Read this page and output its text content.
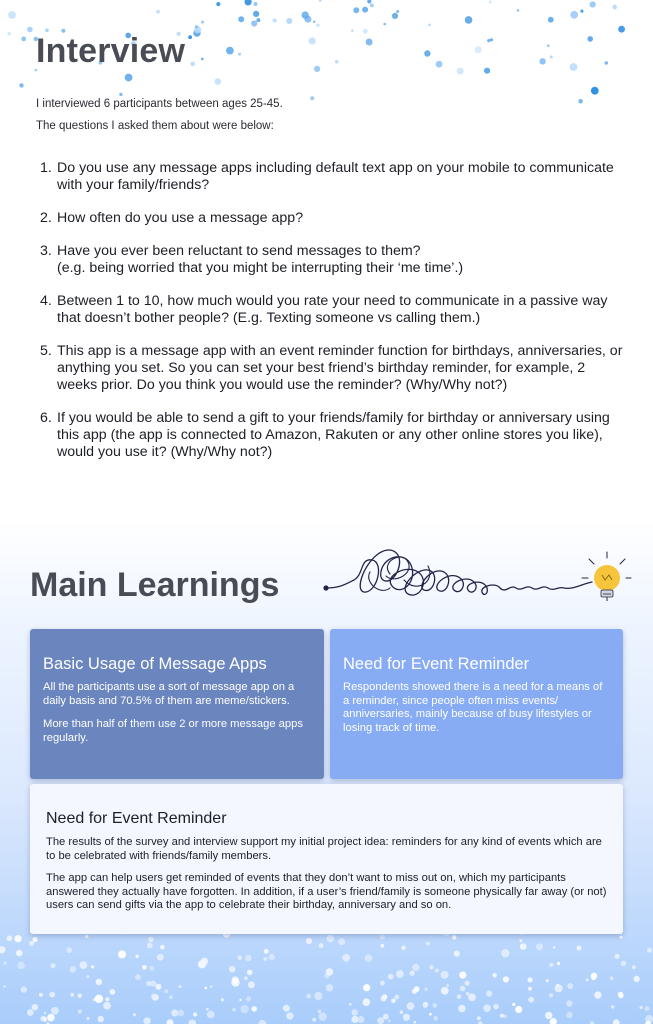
Interview

I interviewed 6 participants between ages 25-45.

The questions I asked them about were below:

1. Do you use any message apps including default text app on your mobile to communicate with your family/friends?
2. How often do you use a message app?
3. Have you ever been reluctant to send messages to them?
(e.g. being worried that you might be interrupting their ‘me time’.)
4. Between 1 to 10, how much would you rate your need to communicate in a passive way that doesn’t bother people? (E.g. Texting someone vs calling them.)
5. This app is a message app with an event reminder function for birthdays, anniversaries, or anything you set. So you can set your best friend’s birthday reminder, for example, 2 weeks prior. Do you think you would use the reminder? (Why/Why not?)
6. If you would be able to send a gift to your friends/family for birthday or anniversary using this app (the app is connected to Amazon, Rakuten or any other online stores you like), would you use it? (Why/Why not?)
Main Learnings
Basic Usage of Message Apps

All the participants use a sort of message app on a daily basis and 70.5% of them are meme/stickers.

More than half of them use 2 or more message apps regularly.

Need for Event Reminder

Respondents showed there is a need for a means of a reminder, since people often miss events/ anniversaries, mainly because of busy lifestyles or losing track of time.

Need for Event Reminder

The results of the survey and interview support my initial project idea: reminders for any kind of events which are to be celebrated with friends/family members.

The app can help users get reminded of events that they don’t want to miss out on, which my participants answered they actually have forgotten. In addition, if a user’s friend/family is someone physically far away (or not) users can send gifts via the app to celebrate their birthday, anniversary and so on.
